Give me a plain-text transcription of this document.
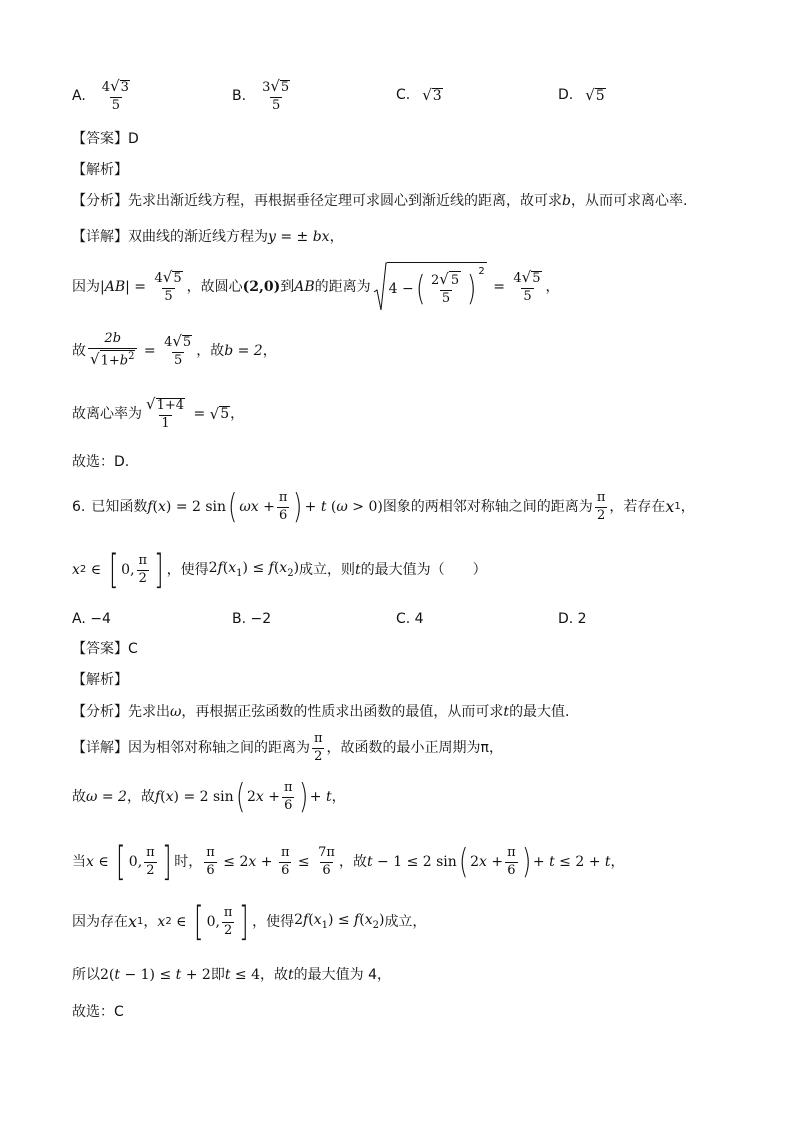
A. $\frac{4 √ 3}{5}$	B. $\frac{3 √ 5}{5}$	C. √ 3	D. √ 5
【答案】D
【解析】
【分析】先求出渐近线方程，再根据垂径定理可求圆心到渐近线的距离，故可求b，从而可求离心率.
【详解】双曲线的渐近线方程为y = ± bx，
因为 $|AB| = \frac{4 √ 5}{5}$ ，故圆心 (2,0) 到 AB 的距离为 4 − ( $\frac{2 √ 5}{5} )^2$
= $\frac{4 √ 5}{5}$ ，
故 $\frac{2b}{√ 1+b^2} = \frac{4 √ 5}{5}$ ，故 b = 2 ，
故离心率为 $\frac{√ 1+4}{1}$ = √ 5 ，
故选：D.
6. 已知函数 f(x) = 2 sin ( $\omega x + \frac{\pi}{6}$ ) + t (ω > 0) 图象的两相邻对称轴之间的距离为 $\frac{\pi}{2}$ ，若存在 x 1 ，
x 2 ∈ [ 0, $\frac{\pi}{2}$ ] ，使得 $2f(x_1) \le f(x_2)$ 成立，则 t 的最大值为（　　）
A. −4	B. −2	C. 4	D. 2
【答案】C
【解析】
【分析】先求出ω，再根据正弦函数的性质求出函数的最值，从而可求t的最大值.
【详解】因为相邻对称轴之间的距离为 $\frac{\pi}{2}$ ，故函数的最小正周期为π，
故 ω = 2 ，故 f(x) = 2 sin ( $2x + \frac{\pi}{6}$ ) + t ，
当 x ∈ [ 0, $\frac{\pi}{2}$ ] 时， $\frac{\pi}{6} \le 2x + \frac{\pi}{6} \le \frac{7\pi}{6}$ ，故 t − 1 ≤ 2 sin ( $2x + \frac{\pi}{6}$ ) + t ≤ 2 + t ，
因为存在 x 1 ， x 2 ∈ [ 0, $\frac{\pi}{2}$ ] ，使得 $2f(x_1) \le f(x_2)$ 成立，
所以 2(t − 1) ≤ t + 2 即 t ≤ 4 ，故 t 的最大值为 4，
故选：C
